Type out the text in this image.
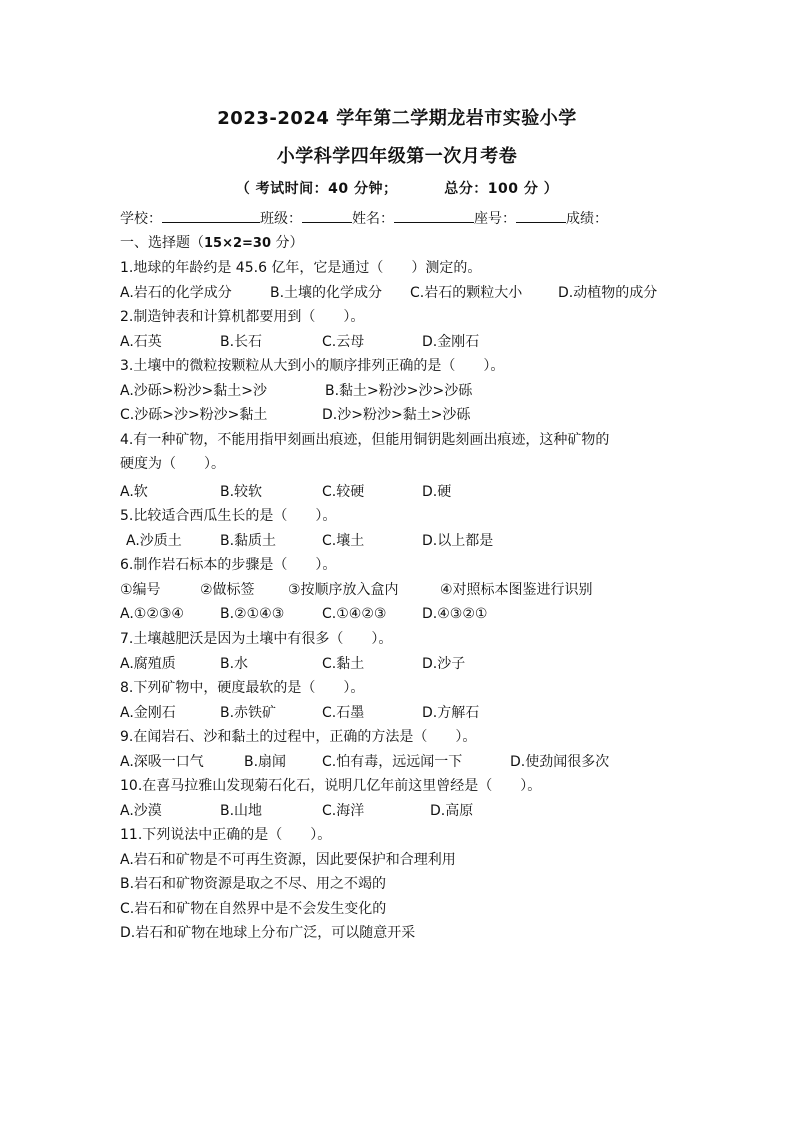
2023-2024 学年第二学期龙岩市实验小学
小学科学四年级第一次月考卷
（ 考试时间：40 分钟；	总分：100 分 ）
学校：	班级：	姓名：	座号：	成绩：
一、选择题（15×2=30 分）
1.地球的年龄约是 45.6 亿年，它是通过（　　）测定的。
A.岩石的化学成分	B.土壤的化学成分 C.岩石的颗粒大小	D.动植物的成分
2.制造钟表和计算机都要用到（　　）。
A.石英	B.长石	C.云母	D.金刚石
3.土壤中的微粒按颗粒从大到小的顺序排列正确的是（　　）。
A.沙砾>粉沙>黏土>沙	B.黏土>粉沙>沙>沙砾
C.沙砾>沙>粉沙>黏土	D.沙>粉沙>黏土>沙砾
4.有一种矿物，不能用指甲刻画出痕迹，但能用铜钥匙刻画出痕迹，这种矿物的
硬度为（　　）。
A.软	B.较软	C.较硬	D.硬
5.比较适合西瓜生长的是（　　）。
A.沙质土	B.黏质土	C.壤土	D.以上都是
6.制作岩石标本的步骤是（　　）。
①编号	②做标签 ③按顺序放入盒内	④对照标本图鉴进行识别
A.①②③④	B.②①④③	C.①④②③	D.④③②①
7.土壤越肥沃是因为土壤中有很多（　　）。
A.腐殖质	B.水	C.黏土	D.沙子
8.下列矿物中，硬度最软的是（　　）。
A.金刚石	B.赤铁矿	C.石墨	D.方解石
9.在闻岩石、沙和黏土的过程中，正确的方法是（　　）。
A.深吸一口气	B.扇闻	C.怕有毒，远远闻一下	D.使劲闻很多次
10.在喜马拉雅山发现菊石化石，说明几亿年前这里曾经是（　　）。
A.沙漠	B.山地	C.海洋	D.高原
11.下列说法中正确的是（　　）。
A.岩石和矿物是不可再生资源，因此要保护和合理利用
B.岩石和矿物资源是取之不尽、用之不竭的
C.岩石和矿物在自然界中是不会发生变化的
D.岩石和矿物在地球上分布广泛，可以随意开采
